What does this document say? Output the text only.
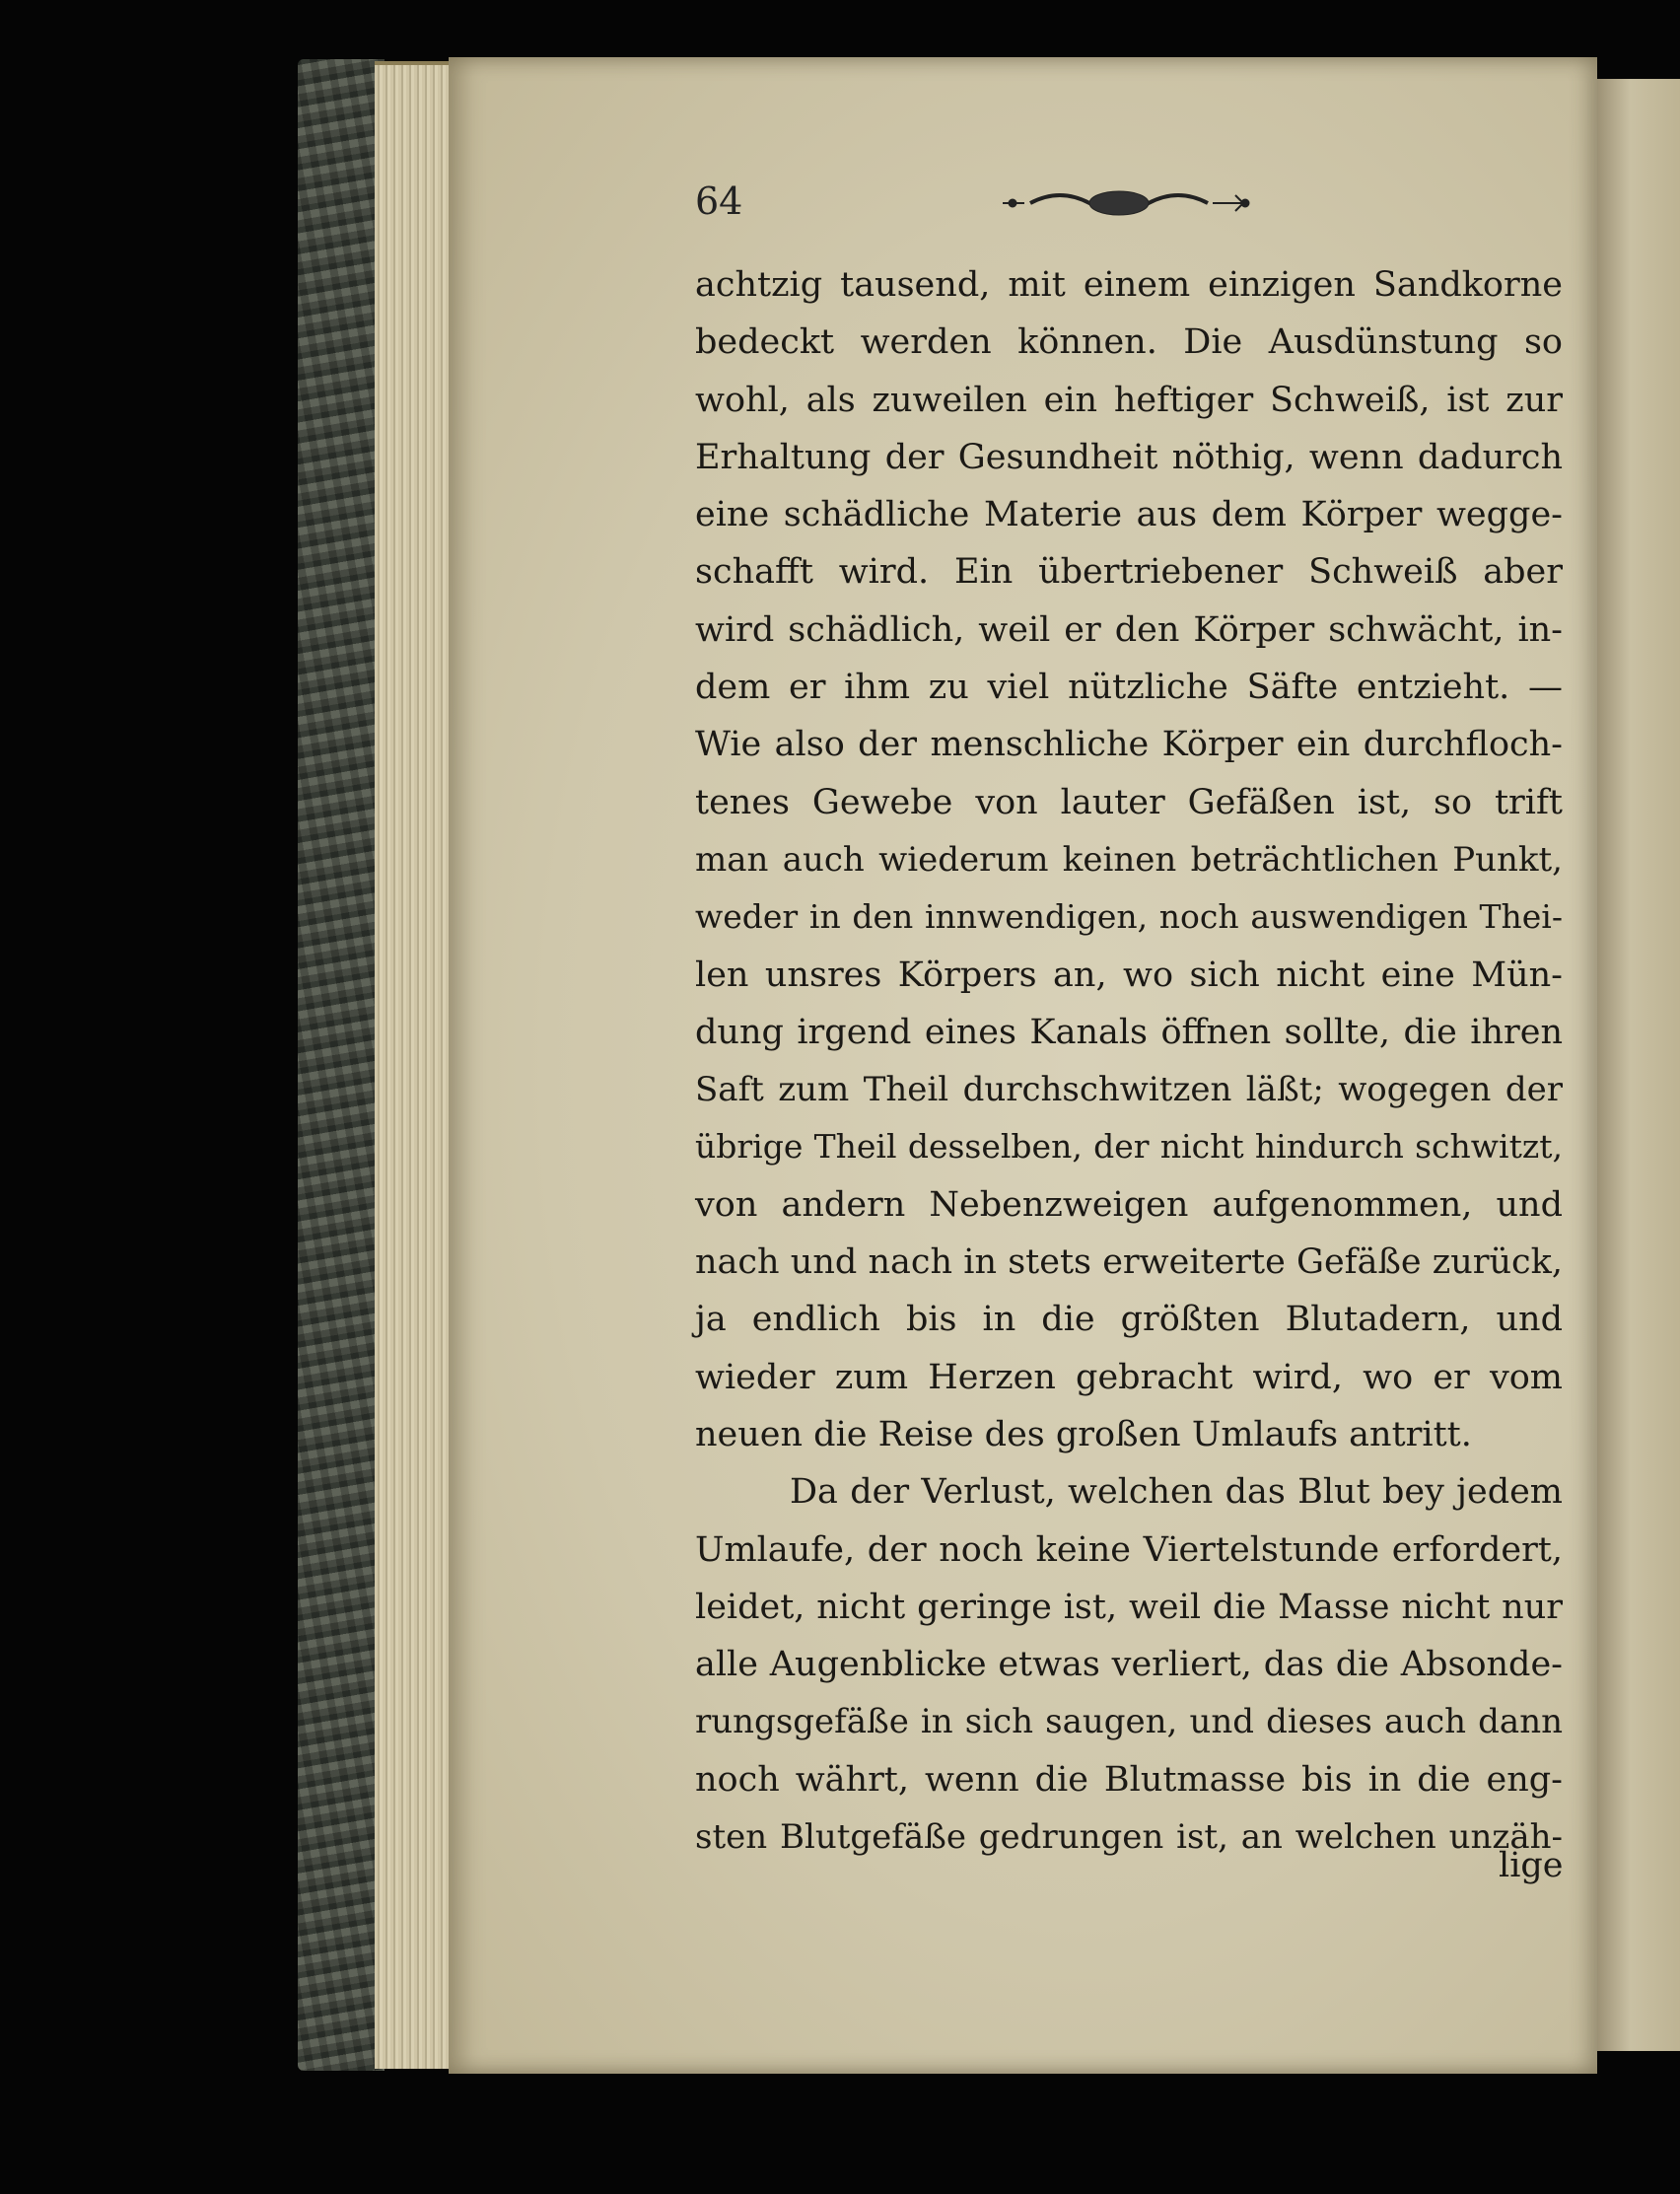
64
achtzig tausend, mit einem einzigen Sandkorne
bedeckt werden können. Die Ausdünstung so
wohl, als zuweilen ein heftiger Schweiß, ist zur
Erhaltung der Gesundheit nöthig, wenn dadurch
eine schädliche Materie aus dem Körper wegge-
schafft wird. Ein übertriebener Schweiß aber
wird schädlich, weil er den Körper schwächt, in-
dem er ihm zu viel nützliche Säfte entzieht. —
Wie also der menschliche Körper ein durchfloch-
tenes Gewebe von lauter Gefäßen ist, so trift
man auch wiederum keinen beträchtlichen Punkt,
weder in den innwendigen, noch auswendigen Thei-
len unsres Körpers an, wo sich nicht eine Mün-
dung irgend eines Kanals öffnen sollte, die ihren
Saft zum Theil durchschwitzen läßt; wogegen der
übrige Theil desselben, der nicht hindurch schwitzt,
von andern Nebenzweigen aufgenommen, und
nach und nach in stets erweiterte Gefäße zurück,
ja endlich bis in die größten Blutadern, und
wieder zum Herzen gebracht wird, wo er vom
neuen die Reise des großen Umlaufs antritt.
Da der Verlust, welchen das Blut bey jedem
Umlaufe, der noch keine Viertelstunde erfordert,
leidet, nicht geringe ist, weil die Masse nicht nur
alle Augenblicke etwas verliert, das die Absonde-
rungsgefäße in sich saugen, und dieses auch dann
noch währt, wenn die Blutmasse bis in die eng-
sten Blutgefäße gedrungen ist, an welchen unzäh-
lige
